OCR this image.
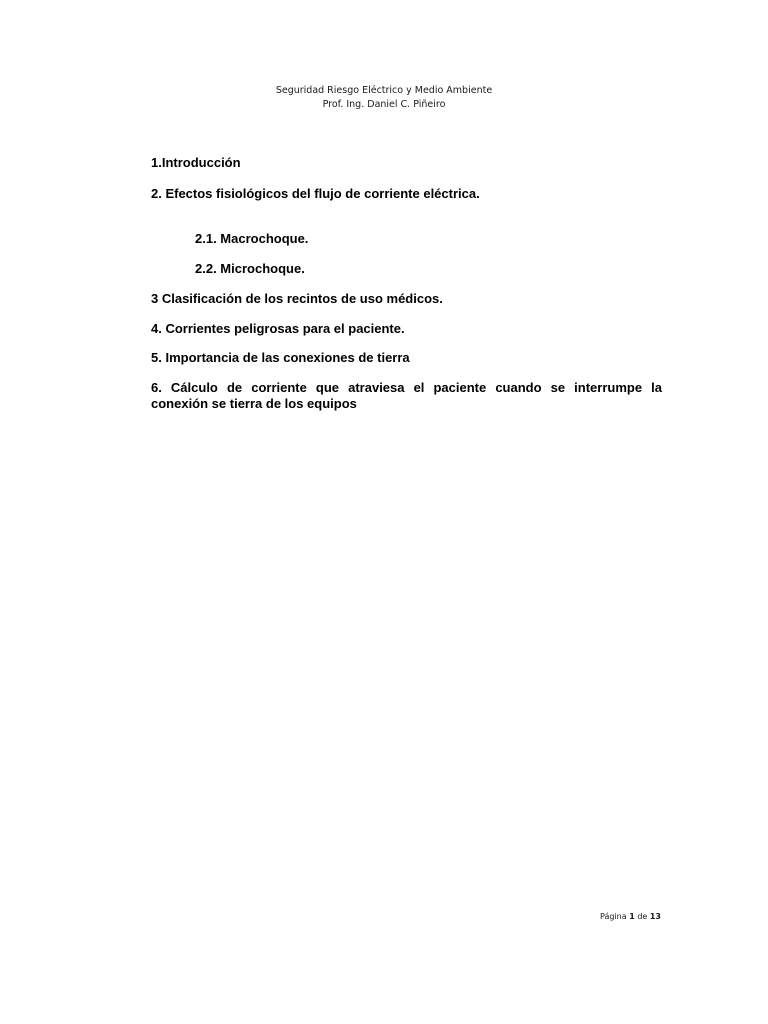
Seguridad Riesgo Eléctrico y Medio Ambiente
Prof. Ing. Daniel C. Piñeiro
1.Introducción
2. Efectos fisiológicos del flujo de corriente eléctrica.
2.1. Macrochoque.
2.2. Microchoque.
3 Clasificación de los recintos de uso médicos.
4. Corrientes peligrosas para el paciente.
5. Importancia de las conexiones de tierra
6. Cálculo de corriente que atraviesa el paciente cuando se interrumpe la conexión se tierra de los equipos
Página 1 de 13
